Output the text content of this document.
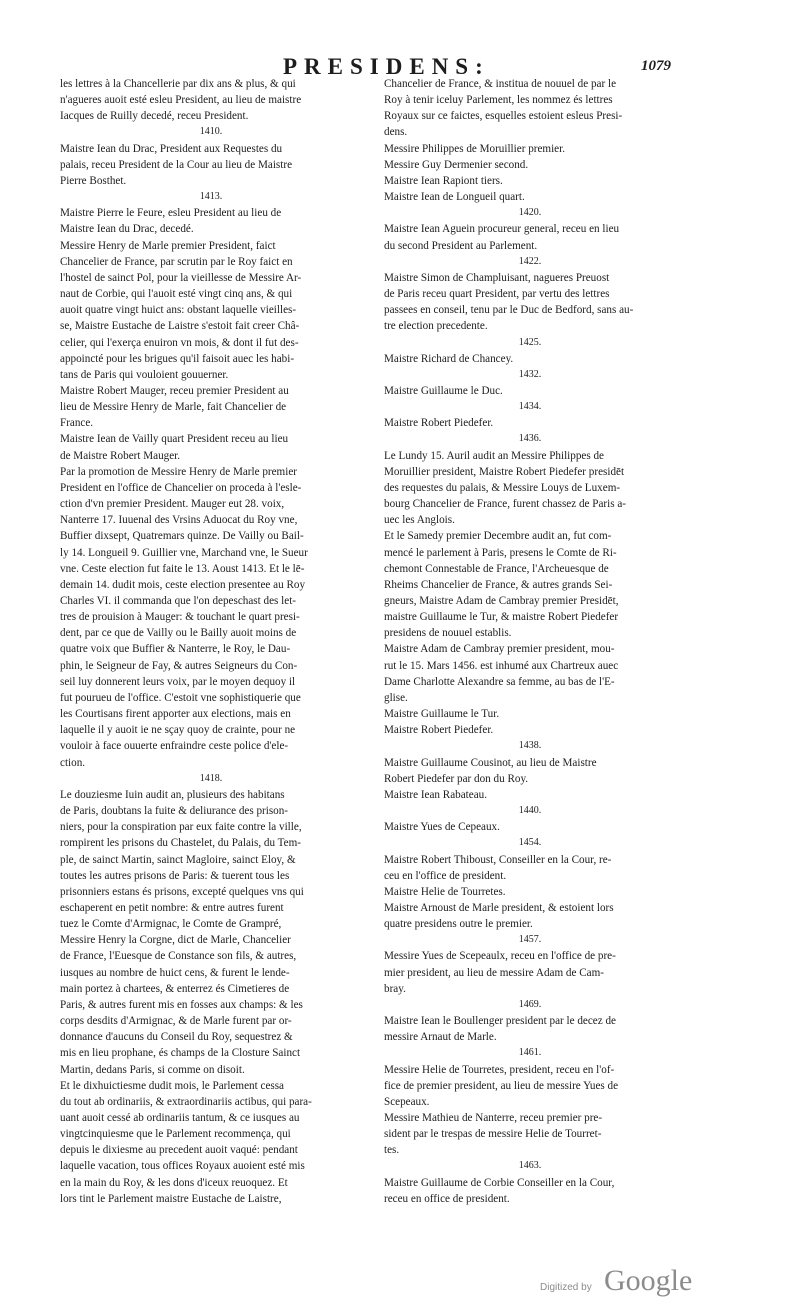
PRESIDENS:	1079
les lettres à la Chancellerie par dix ans & plus, & qui
n'agueres auoit esté esleu President, au lieu de maistre
Iacques de Ruilly decedé, receu President.
1410.
Maistre Iean du Drac, President aux Requestes du
palais, receu President de la Cour au lieu de Maistre
Pierre Bosthet.
1413.
Maistre Pierre le Feure, esleu President au lieu de
Maistre Iean du Drac, decedé.
Messire Henry de Marle premier President, faict
Chancelier de France, par scrutin par le Roy faict en
l'hostel de sainct Pol, pour la vieillesse de Messire Ar-
naut de Corbie, qui l'auoit esté vingt cinq ans, & qui
auoit quatre vingt huict ans: obstant laquelle vieilles-
se, Maistre Eustache de Laistre s'estoit fait creer Châ-
celier, qui l'exerça enuiron vn mois, & dont il fut des-
appoincté pour les brigues qu'il faisoit auec les habi-
tans de Paris qui vouloient gouuerner.
Maistre Robert Mauger, receu premier President au
lieu de Messire Henry de Marle, fait Chancelier de
France.
Maistre Iean de Vailly quart President receu au lieu
de Maistre Robert Mauger.
Par la promotion de Messire Henry de Marle premier
President en l'office de Chancelier on proceda à l'esle-
ction d'vn premier President. Mauger eut 28. voix,
Nanterre 17. Iuuenal des Vrsins Aduocat du Roy vne,
Buffier dixsept, Quatremars quinze. De Vailly ou Bail-
ly 14. Longueil 9. Guillier vne, Marchand vne, le Sueur
vne. Ceste election fut faite le 13. Aoust 1413. Et le lē-
demain 14. dudit mois, ceste election presentee au Roy
Charles VI. il commanda que l'on depeschast des let-
tres de prouision à Mauger: & touchant le quart presi-
dent, par ce que de Vailly ou le Bailly auoit moins de
quatre voix que Buffier & Nanterre, le Roy, le Dau-
phin, le Seigneur de Fay, & autres Seigneurs du Con-
seil luy donnerent leurs voix, par le moyen dequoy il
fut pourueu de l'office. C'estoit vne sophistiquerie que
les Courtisans firent apporter aux elections, mais en
laquelle il y auoit ie ne sçay quoy de crainte, pour ne
vouloir à face ouuerte enfraindre ceste police d'ele-
ction.
1418.
Le douziesme Iuin audit an, plusieurs des habitans
de Paris, doubtans la fuite & deliurance des prison-
niers, pour la conspiration par eux faite contre la ville,
rompirent les prisons du Chastelet, du Palais, du Tem-
ple, de sainct Martin, sainct Magloire, sainct Eloy, &
toutes les autres prisons de Paris: & tuerent tous les
prisonniers estans és prisons, excepté quelques vns qui
eschaperent en petit nombre: & entre autres furent
tuez le Comte d'Armignac, le Comte de Grampré,
Messire Henry la Corgne, dict de Marle, Chancelier
de France, l'Euesque de Constance son fils, & autres,
iusques au nombre de huict cens, & furent le lende-
main portez à chartees, & enterrez és Cimetieres de
Paris, & autres furent mis en fosses aux champs: & les
corps desdits d'Armignac, & de Marle furent par or-
donnance d'aucuns du Conseil du Roy, sequestrez &
mis en lieu prophane, és champs de la Closture Sainct
Martin, dedans Paris, si comme on disoit.
Et le dixhuictiesme dudit mois, le Parlement cessa
du tout ab ordinariis, & extraordinariis actibus, qui para-
uant auoit cessé ab ordinariis tantum, & ce iusques au
vingtcinquiesme que le Parlement recommença, qui
depuis le dixiesme au precedent auoit vaqué: pendant
laquelle vacation, tous offices Royaux auoient esté mis
en la main du Roy, & les dons d'iceux reuoquez. Et
lors tint le Parlement maistre Eustache de Laistre,
Chancelier de France, & institua de nouuel de par le
Roy à tenir iceluy Parlement, les nommez és lettres
Royaux sur ce faictes, esquelles estoient esleus Presi-
dens.
Messire Philippes de Moruillier premier.
Messire Guy Dermenier second.
Maistre Iean Rapiont tiers.
Maistre Iean de Longueil quart.
1420.
Maistre Iean Aguein procureur general, receu en lieu
du second President au Parlement.
1422.
Maistre Simon de Champluisant, nagueres Preuost
de Paris receu quart President, par vertu des lettres
passees en conseil, tenu par le Duc de Bedford, sans au-
tre election precedente.
1425.
Maistre Richard de Chancey.
1432.
Maistre Guillaume le Duc.
1434.
Maistre Robert Piedefer.
1436.
Le Lundy 15. Auril audit an Messire Philippes de
Moruillier president, Maistre Robert Piedefer presidēt
des requestes du palais, & Messire Louys de Luxem-
bourg Chancelier de France, furent chassez de Paris a-
uec les Anglois.
Et le Samedy premier Decembre audit an, fut com-
mencé le parlement à Paris, presens le Comte de Ri-
chemont Connestable de France, l'Archeuesque de
Rheims Chancelier de France, & autres grands Sei-
gneurs, Maistre Adam de Cambray premier Presidēt,
maistre Guillaume le Tur, & maistre Robert Piedefer
presidens de nouuel establis.
Maistre Adam de Cambray premier president, mou-
rut le 15. Mars 1456. est inhumé aux Chartreux auec
Dame Charlotte Alexandre sa femme, au bas de l'E-
glise.
Maistre Guillaume le Tur.
Maistre Robert Piedefer.
1438.
Maistre Guillaume Cousinot, au lieu de Maistre
Robert Piedefer par don du Roy.
Maistre Iean Rabateau.
1440.
Maistre Yues de Cepeaux.
1454.
Maistre Robert Thiboust, Conseiller en la Cour, re-
ceu en l'office de president.
Maistre Helie de Tourretes.
Maistre Arnoust de Marle president, & estoient lors
quatre presidens outre le premier.
1457.
Messire Yues de Scepeaulx, receu en l'office de pre-
mier president, au lieu de messire Adam de Cam-
bray.
1469.
Maistre Iean le Boullenger president par le decez de
messire Arnaut de Marle.
1461.
Messire Helie de Tourretes, president, receu en l'of-
fice de premier president, au lieu de messire Yues de
Scepeaux.
Messire Mathieu de Nanterre, receu premier pre-
sident par le trespas de messire Helie de Tourret-
tes.
1463.
Maistre Guillaume de Corbie Conseiller en la Cour,
receu en office de president.
Digitized by Google
